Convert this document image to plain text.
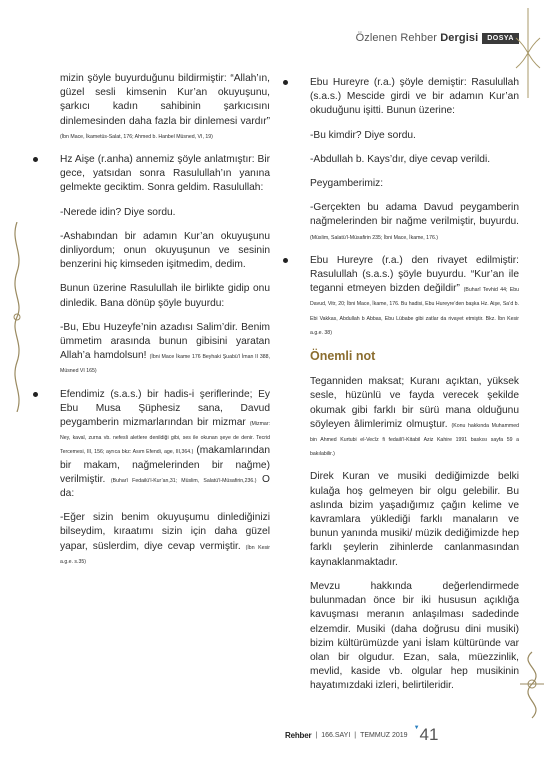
Özlenen Rehber Dergisi	DOSYA

mizin şöyle buyurduğunu bildirmiştir: “Allah’ın, güzel sesli kimsenin Kur’an okuyuşunu, şarkıcı kadın sahibinin şarkıcısını dinlemesinden daha fazla bir dinlemesi vardır” (İbn Mace, İkametüs-Salat, 176; Ahmed b. Hanbel Müsned, VI, 19)

Hz Aişe (r.anha) annemiz şöyle anlatmıştır: Bir gece, yatsıdan sonra Rasulullah’ın yanına gelmekte geciktim. Sonra geldim. Rasulullah:

-Nerede idin? Diye sordu.

-Ashabından bir adamın Kur’an okuyuşunu dinliyordum; onun okuyuşunun ve sesinin benzerini hiç kimseden işitmedim, dedim.

Bunun üzerine Rasulullah ile birlikte gidip onu dinledik. Bana dönüp şöyle buyurdu:

-Bu, Ebu Huzeyfe’nin azadısı Salim’dir. Benim ümmetim arasında bunun gibisini yaratan Allah’a hamdolsun! (İbni Mace İkame 176 Beyhaki Şuabü’l İman II 388, Müsned VI 165)

Efendimiz (s.a.s.) bir hadis-i şeriflerinde; Ey Ebu Musa Şüphesiz sana, Davud peygamberin mizmarlarından bir mizmar (Mizmar: Ney, kaval, zurna vb. nefesli aletlere denildiği gibi, ses ile okunan şeye de denir. Tecrid Tercemesi, III, 156; ayrıca bkz: Asım Efendi, age, III,364.) (makamlarından bir makam, nağmelerinden bir nağme) verilmiştir. (Buharî Fedailü’l-Kur’an,31; Müslim, Salatü’l-Müsafirin,236.) O da:

-Eğer sizin benim okuyuşumu dinlediğinizi bilseydim, kıraatımı sizin için daha güzel yapar, süslerdim, diye cevap vermiştir. (İbn Kesir a.g.e. s.35)

Ebu Hureyre (r.a.) şöyle demiştir: Rasulullah (s.a.s.) Mescide girdi ve bir adamın Kur’an okuduğunu işitti. Bunun üzerine:

-Bu kimdir? Diye sordu.

-Abdullah b. Kays’dır, diye cevap verildi.

Peygamberimiz:

-Gerçekten bu adama Davud peygamberin nağmelerinden bir nağme verilmiştir, buyurdu. (Müslim, Salatü’l-Müsafirin 235; İbni Mace, İkame, 176.)

Ebu Hureyre (r.a.) den rivayet edilmiştir: Rasulullah (s.a.s.) şöyle buyurdu. “Kur’an ile teganni etmeyen bizden değildir” (Buharî Tevhid 44; Ebu Davud, Vitr, 20; İbni Mace, İkame, 176. Bu hadisi, Ebu Hureyre’den başka Hz. Aişe, Sa’d b. Ebi Vakkas, Abdullah b Abbas, Ebu Lübabe gibi zatlar da rivayet etmiştir. Bkz. İbn Kesir a.g.e. 38)

Önemli not

Teganniden maksat; Kuranı açıktan, yüksek sesle, hüzünlü ve fayda verecek şekilde okumak gibi farklı bir sürü mana olduğunu söyleyen âlimlerimiz olmuştur. (Konu hakkında Muhammed bin Ahmed Kurtubi el-Vecîz fi fedaili’l-Kitabil Aziz Kahire 1991 baskısı sayfa 59 a bakılabilir.)

Direk Kuran ve musiki dediğimizde belki kulağa hoş gelmeyen bir olgu gelebilir. Bu aslında bizim yaşadığımız çağın kelime ve kavramlara yüklediği farklı manaların ve bunun yanında musiki/ müzik dediğimizde hep farklı şeylerin zihinlerde canlanmasından kaynaklanmaktadır.

Mevzu hakkında değerlendirmede bulunmadan önce bir iki hususun açıklığa kavuşması meranın anlaşılması sadedinde elzemdir. Musiki (daha doğrusu dini musiki) bizim kültürümüzde yani İslam kültüründe var olan bir olgudur. Ezan, sala, müezzinlik, mevlid, kaside vb. olgular hep musikinin hayatımızdaki izleri, belirtileridir.

Rehber | 166.SAYI | TEMMUZ 2019
▼41
